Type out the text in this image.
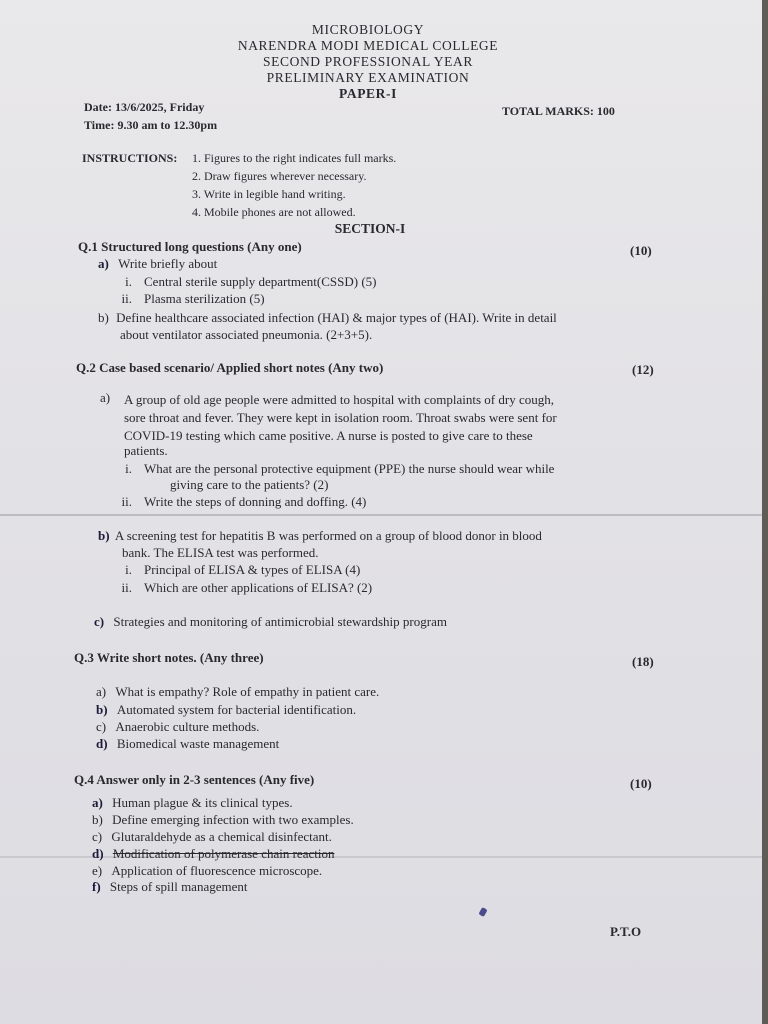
MICROBIOLOGY
NARENDRA MODI MEDICAL COLLEGE
SECOND PROFESSIONAL YEAR
PRELIMINARY EXAMINATION
PAPER-I
Date: 13/6/2025, Friday
Time: 9.30 am to 12.30pm
TOTAL MARKS: 100
INSTRUCTIONS: 1. Figures to the right indicates full marks.
2. Draw figures wherever necessary.
3. Write in legible hand writing.
4. Mobile phones are not allowed.
SECTION-I
Q.1 Structured long questions (Any one)	(10)
a) Write briefly about
i. Central sterile supply department(CSSD) (5)
ii. Plasma sterilization (5)
b) Define healthcare associated infection (HAI) & major types of (HAI). Write in detail
about ventilator associated pneumonia. (2+3+5).
Q.2 Case based scenario/ Applied short notes (Any two)	(12)
a) A group of old age people were admitted to hospital with complaints of dry cough,
sore throat and fever. They were kept in isolation room. Throat swabs were sent for
COVID-19 testing which came positive. A nurse is posted to give care to these
patients.
i. What are the personal protective equipment (PPE) the nurse should wear while
giving care to the patients? (2)
ii. Write the steps of donning and doffing. (4)
b) A screening test for hepatitis B was performed on a group of blood donor in blood
bank. The ELISA test was performed.
i. Principal of ELISA & types of ELISA (4)
ii. Which are other applications of ELISA? (2)
c) Strategies and monitoring of antimicrobial stewardship program
Q.3 Write short notes. (Any three)	(18)
a) What is empathy? Role of empathy in patient care.
b) Automated system for bacterial identification.
c) Anaerobic culture methods.
d) Biomedical waste management
Q.4 Answer only in 2-3 sentences (Any five)	(10)
a) Human plague & its clinical types.
b) Define emerging infection with two examples.
c) Glutaraldehyde as a chemical disinfectant.
d) Modification of polymerase chain reaction
e) Application of fluorescence microscope.
f) Steps of spill management
P.T.O
